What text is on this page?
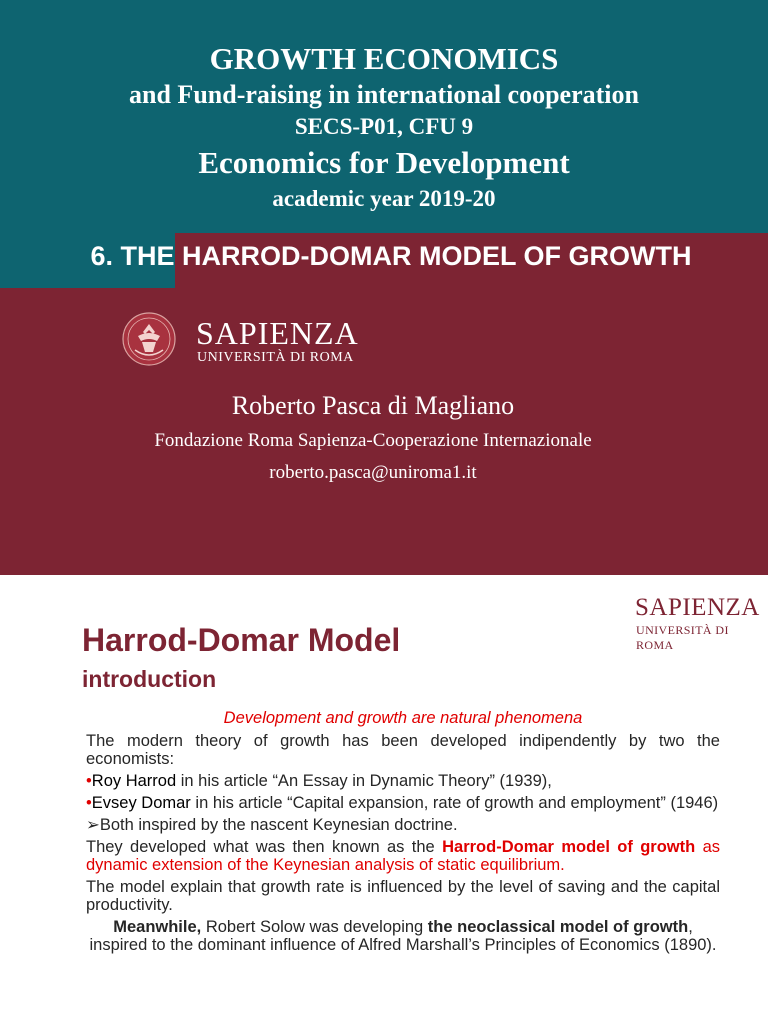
GROWTH ECONOMICS
and Fund-raising in international cooperation
SECS-P01, CFU 9
Economics for Development
academic year 2019-20
6. THE HARROD-DOMAR MODEL OF GROWTH
SAPIENZA
UNIVERSITÀ DI ROMA
Roberto Pasca di Magliano
Fondazione Roma Sapienza-Cooperazione Internazionale
roberto.pasca@uniroma1.it
SAPIENZA
UNIVERSITÀ DI ROMA
Harrod-Domar Model
introduction

Development and growth are natural phenomena

The modern theory of growth has been developed indipendently by two the economists:

•Roy Harrod in his article “An Essay in Dynamic Theory” (1939),

•Evsey Domar in his article “Capital expansion, rate of growth and employment” (1946)

➢Both inspired by the nascent Keynesian doctrine.

They developed what was then known as the Harrod-Domar model of growth as dynamic extension of the Keynesian analysis of static equilibrium.

The model explain that growth rate is influenced by the level of saving and the capital productivity.

Meanwhile, Robert Solow was developing the neoclassical model of growth, inspired to the dominant influence of Alfred Marshall’s Principles of Economics (1890).
